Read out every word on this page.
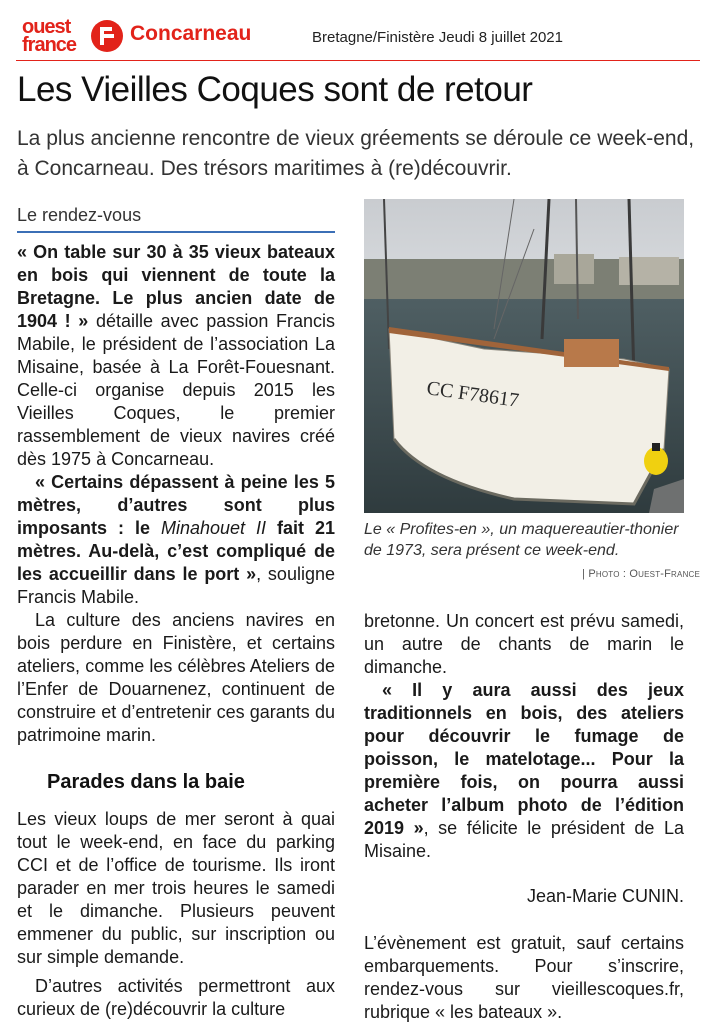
ouest
france	Concarneau	Bretagne/Finistère Jeudi 8 juillet 2021
Les Vieilles Coques sont de retour

La plus ancienne rencontre de vieux gréements se déroule ce week-end, à Concarneau. Des trésors maritimes à (re)découvrir.

Le rendez-vous

« On table sur 30 à 35 vieux bateaux en bois qui viennent de toute la Bretagne. Le plus ancien date de 1904 ! » détaille avec passion Francis Mabile, le président de l’association La Misaine, basée à La Forêt-Fouesnant. Celle-ci organise depuis 2015 les Vieilles Coques, le premier rassemblement de vieux navires créé dès 1975 à Concarneau.

« Certains dépassent à peine les 5 mètres, d’autres sont plus imposants : le Minahouet II fait 21 mètres. Au-delà, c’est compliqué de les accueillir dans le port », souligne Francis Mabile.

La culture des anciens navires en bois perdure en Finistère, et certains ateliers, comme les célèbres Ateliers de l’Enfer de Douarnenez, continuent de construire et d’entretenir ces garants du patrimoine marin.

Parades dans la baie

Les vieux loups de mer seront à quai tout le week-end, en face du parking CCI et de l’office de tourisme. Ils iront parader en mer trois heures le samedi et le dimanche. Plusieurs peuvent emmener du public, sur inscription ou sur simple demande.

D’autres activités permettront aux curieux de (re)découvrir la culture

CC F78617
Le « Profites-en », un maquereautier-thonier de 1973, sera présent ce week-end.
| Photo : Ouest-France

bretonne. Un concert est prévu samedi, un autre de chants de marin le dimanche.

« Il y aura aussi des jeux traditionnels en bois, des ateliers pour découvrir le fumage de poisson, le matelotage... Pour la première fois, on pourra aussi acheter l’album photo de l’édition 2019 », se félicite le président de La Misaine.

Jean-Marie CUNIN.

L’évènement est gratuit, sauf certains embarquements. Pour s’inscrire, rendez-vous sur vieillescoques.fr, rubrique « les bateaux ».
